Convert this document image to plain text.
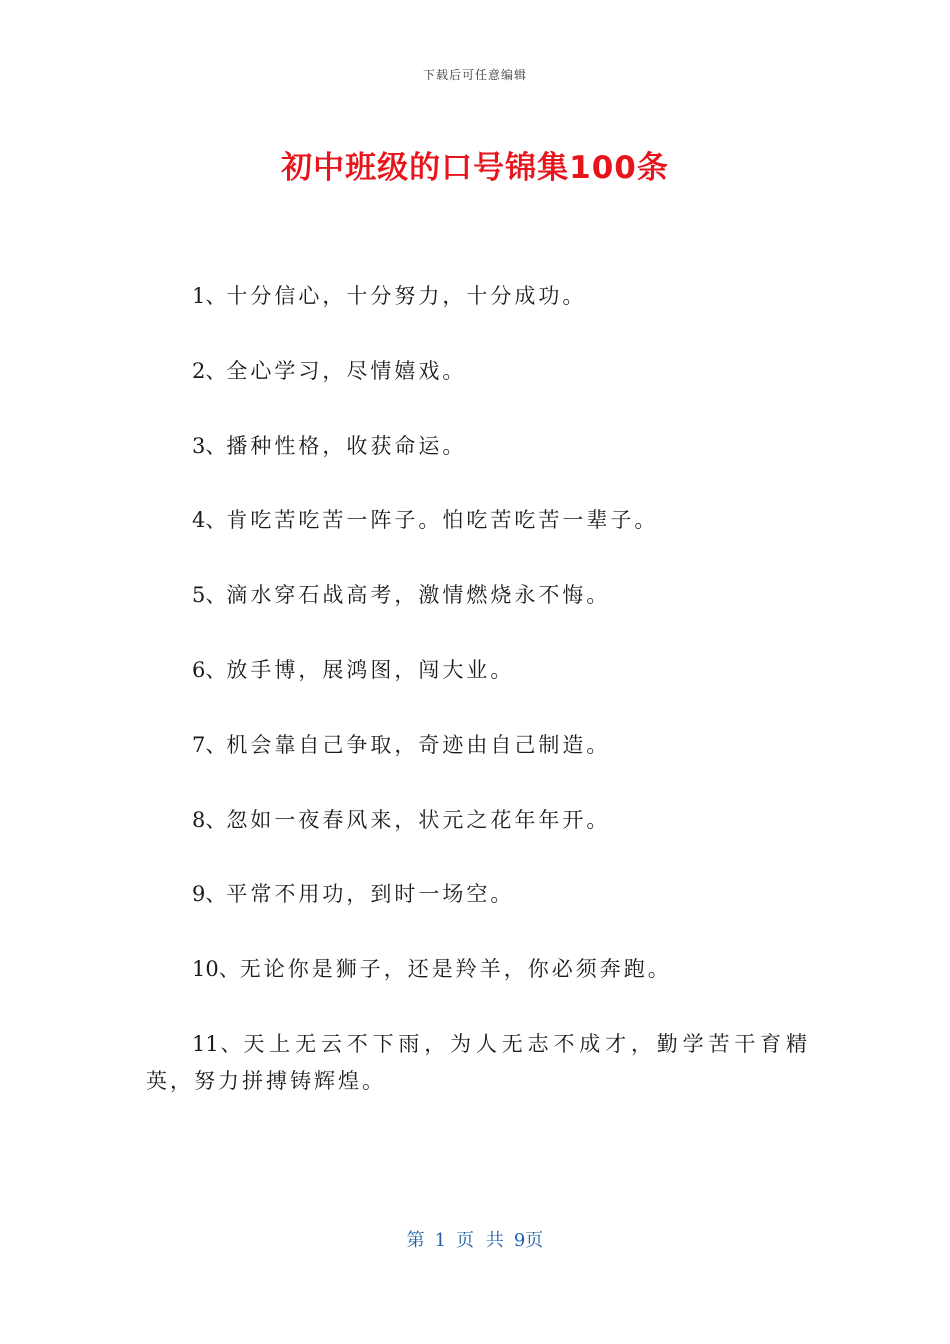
下载后可任意编辑
初中班级的口号锦集100条
1、十分信心，十分努力，十分成功。
2、全心学习，尽情嬉戏。
3、播种性格，收获命运。
4、肯吃苦吃苦一阵子。怕吃苦吃苦一辈子。
5、滴水穿石战高考，激情燃烧永不悔。
6、放手博，展鸿图，闯大业。
7、机会靠自己争取，奇迹由自己制造。
8、忽如一夜春风来，状元之花年年开。
9、平常不用功，到时一场空。
10、无论你是狮子，还是羚羊，你必须奔跑。
11、天上无云不下雨，为人无志不成才，勤学苦干育精英，努力拼搏铸辉煌。
第 1 页 共 9页
